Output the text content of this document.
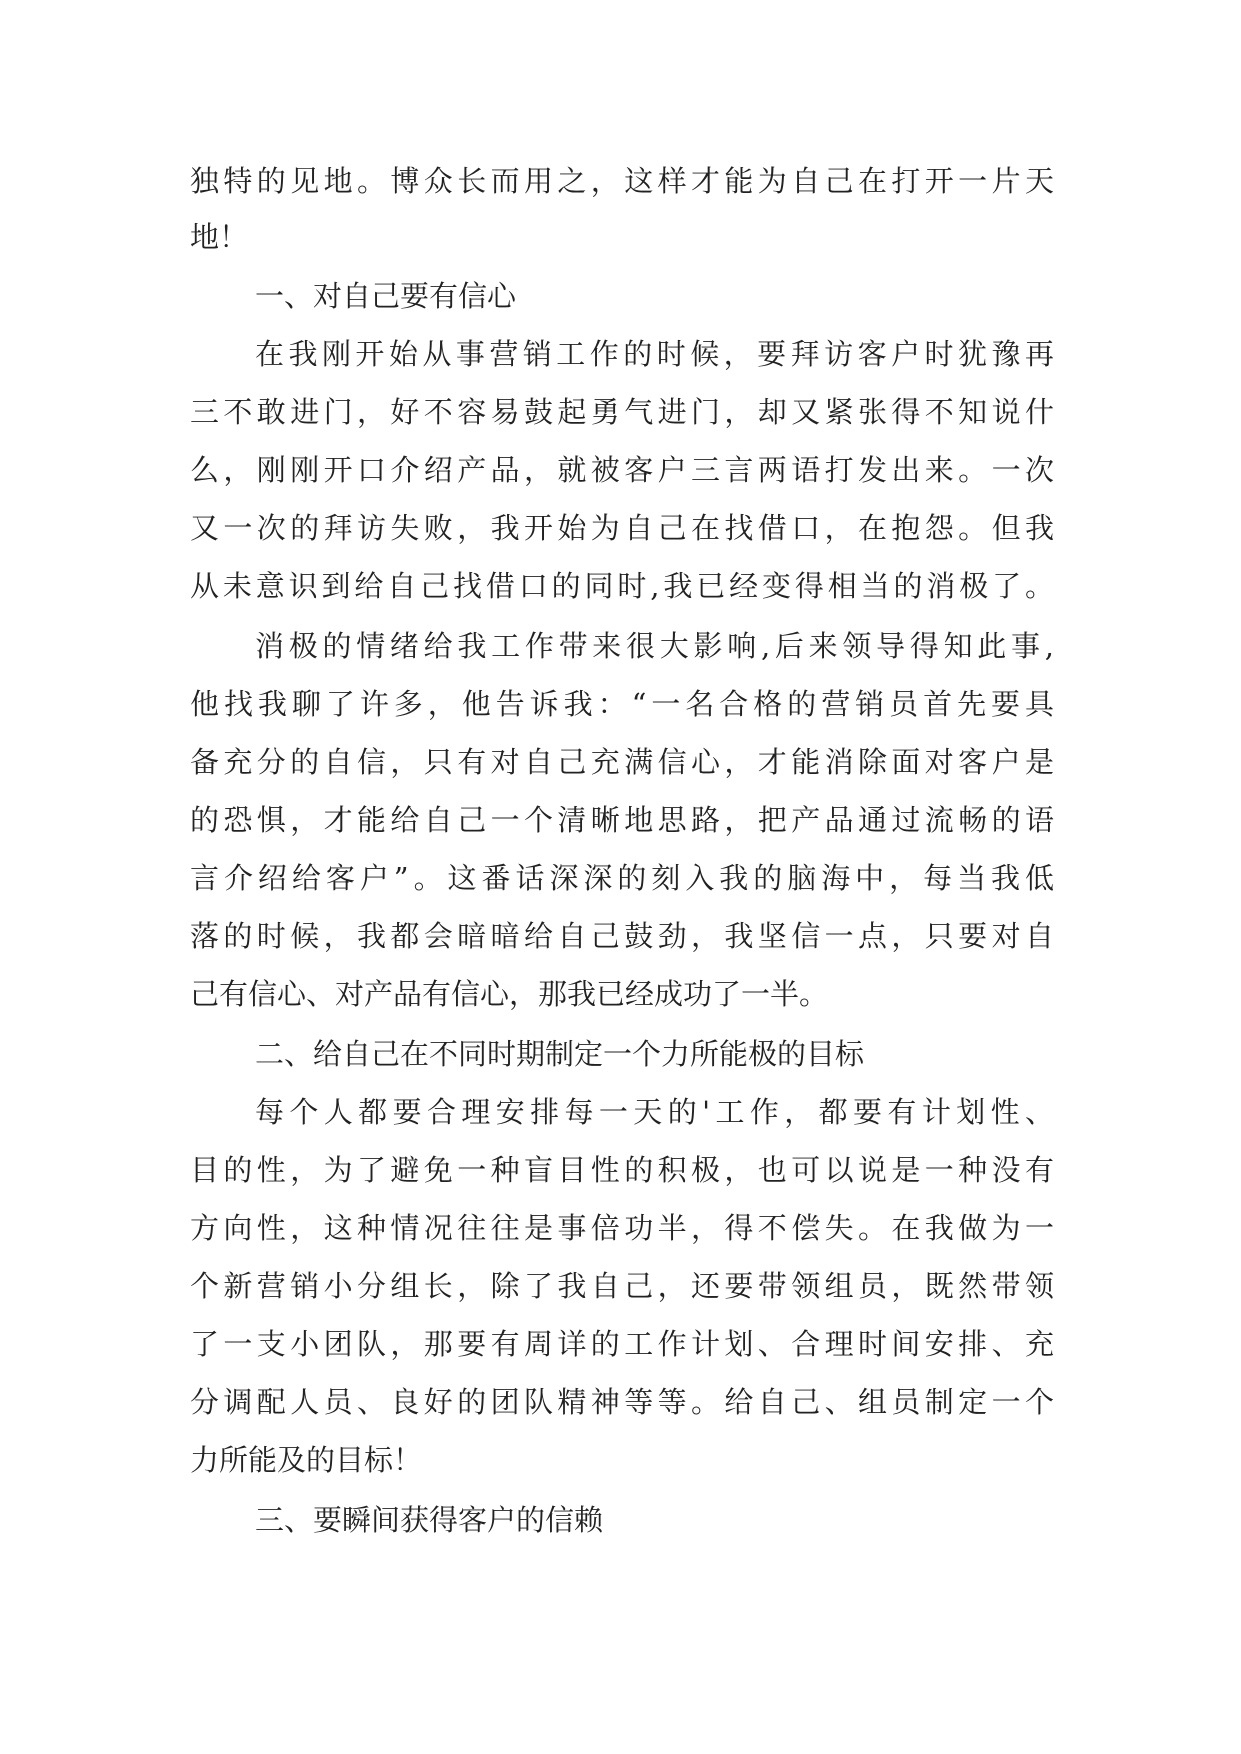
独特的见地。博众长而用之，这样才能为自己在打开一片天

地！

一、对自己要有信心

在我刚开始从事营销工作的时候，要拜访客户时犹豫再

三不敢进门，好不容易鼓起勇气进门，却又紧张得不知说什

么，刚刚开口介绍产品，就被客户三言两语打发出来。一次

又一次的拜访失败，我开始为自己在找借口，在抱怨。但我

从未意识到给自己找借口的同时,我已经变得相当的消极了。

消极的情绪给我工作带来很大影响,后来领导得知此事,

他找我聊了许多，他告诉我：“一名合格的营销员首先要具

备充分的自信，只有对自己充满信心，才能消除面对客户是

的恐惧，才能给自己一个清晰地思路，把产品通过流畅的语

言介绍给客户”。这番话深深的刻入我的脑海中，每当我低

落的时候，我都会暗暗给自己鼓劲，我坚信一点，只要对自

己有信心、对产品有信心，那我已经成功了一半。

二、给自己在不同时期制定一个力所能极的目标

每个人都要合理安排每一天的'工作，都要有计划性、

目的性，为了避免一种盲目性的积极，也可以说是一种没有

方向性，这种情况往往是事倍功半，得不偿失。在我做为一

个新营销小分组长，除了我自己，还要带领组员，既然带领

了一支小团队，那要有周详的工作计划、合理时间安排、充

分调配人员、良好的团队精神等等。给自己、组员制定一个

力所能及的目标！

三、要瞬间获得客户的信赖
